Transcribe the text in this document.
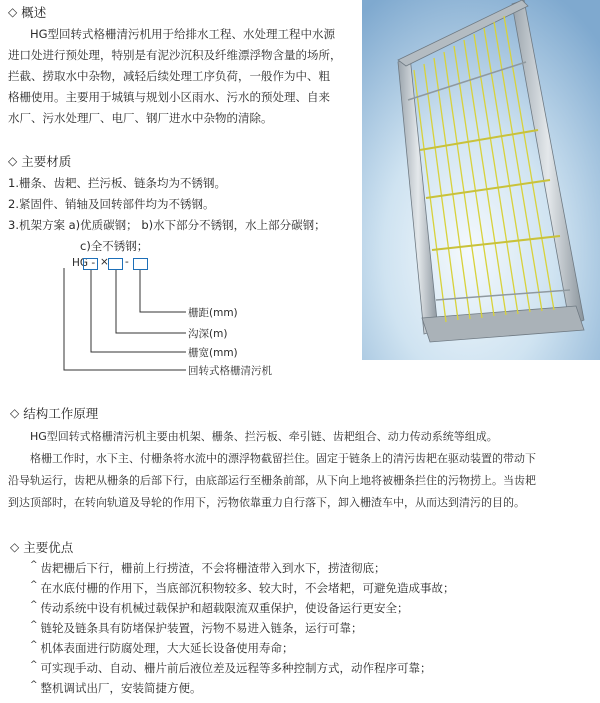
◇ 概述
HG型回转式格栅清污机用于给排水工程、水处理工程中水源
进口处进行预处理，特别是有泥沙沉积及纤维漂浮物含量的场所，
拦截、捞取水中杂物，减轻后续处理工序负荷，一般作为中、粗
格栅使用。主要用于城镇与规划小区雨水、污水的预处理、自来
水厂、污水处理厂、电厂、钢厂进水中杂物的清除。
◇ 主要材质
1.栅条、齿耙、拦污板、链条均为不锈钢。
2.紧固件、销轴及回转部件均为不锈钢。
3.机架方案 a)优质碳钢； b)水下部分不锈钢，水上部分碳钢；
c)全不锈钢；
HG - × -
栅距(mm)
沟深(m)
栅宽(mm)
回转式格栅清污机
◇ 结构工作原理
HG型回转式格栅清污机主要由机架、栅条、拦污板、牵引链、齿耙组合、动力传动系统等组成。
格栅工作时，水下主、付栅条将水流中的漂浮物截留拦住。固定于链条上的清污齿耙在驱动装置的带动下
沿导轨运行，齿耙从栅条的后部下行，由底部运行至栅条前部，从下向上地将被栅条拦住的污物捞上。当齿耙
到达顶部时，在转向轨道及导轮的作用下，污物依靠重力自行落下，卸入栅渣车中，从而达到清污的目的。
◇ 主要优点
^ 齿耙栅后下行，栅前上行捞渣，不会将栅渣带入到水下，捞渣彻底；
^ 在水底付栅的作用下，当底部沉积物较多、较大时，不会堵耙，可避免造成事故；
^ 传动系统中设有机械过载保护和超载限流双重保护，使设备运行更安全；
^ 链轮及链条具有防堵保护装置，污物不易进入链条，运行可靠；
^ 机体表面进行防腐处理，大大延长设备使用寿命；
^ 可实现手动、自动、栅片前后液位差及远程等多种控制方式，动作程序可靠；
^ 整机调试出厂，安装简捷方便。
